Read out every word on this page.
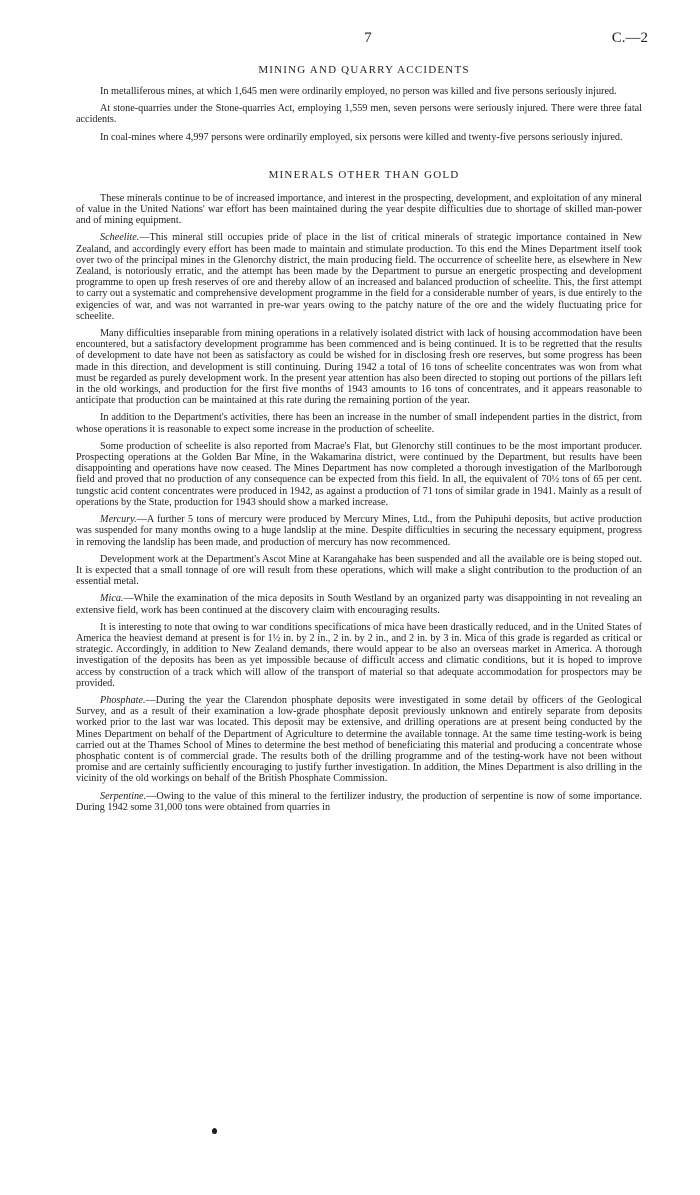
7	C.—2
MINING AND QUARRY ACCIDENTS

In metalliferous mines, at which 1,645 men were ordinarily employed, no person was killed and five persons seriously injured.

At stone-quarries under the Stone-quarries Act, employing 1,559 men, seven persons were seriously injured. There were three fatal accidents.

In coal-mines where 4,997 persons were ordinarily employed, six persons were killed and twenty-five persons seriously injured.

MINERALS OTHER THAN GOLD

These minerals continue to be of increased importance, and interest in the prospecting, development, and exploitation of any mineral of value in the United Nations' war effort has been maintained during the year despite difficulties due to shortage of skilled man-power and of mining equipment.

Scheelite.—This mineral still occupies pride of place in the list of critical minerals of strategic importance contained in New Zealand, and accordingly every effort has been made to maintain and stimulate production. To this end the Mines Department itself took over two of the principal mines in the Glenorchy district, the main producing field. The occurrence of scheelite here, as elsewhere in New Zealand, is notoriously erratic, and the attempt has been made by the Department to pursue an energetic prospecting and development programme to open up fresh reserves of ore and thereby allow of an increased and balanced production of scheelite. This, the first attempt to carry out a systematic and comprehensive development programme in the field for a considerable number of years, is due entirely to the exigencies of war, and was not warranted in pre-war years owing to the patchy nature of the ore and the widely fluctuating price for scheelite.

Many difficulties inseparable from mining operations in a relatively isolated district with lack of housing accommodation have been encountered, but a satisfactory development programme has been commenced and is being continued. It is to be regretted that the results of development to date have not been as satisfactory as could be wished for in disclosing fresh ore reserves, but some progress has been made in this direction, and development is still continuing. During 1942 a total of 16 tons of scheelite concentrates was won from what must be regarded as purely development work. In the present year attention has also been directed to stoping out portions of the pillars left in the old workings, and production for the first five months of 1943 amounts to 16 tons of concentrates, and it appears reasonable to anticipate that production can be maintained at this rate during the remaining portion of the year.

In addition to the Department's activities, there has been an increase in the number of small independent parties in the district, from whose operations it is reasonable to expect some increase in the production of scheelite.

Some production of scheelite is also reported from Macrae's Flat, but Glenorchy still continues to be the most important producer. Prospecting operations at the Golden Bar Mine, in the Wakamarina district, were continued by the Department, but results have been disappointing and operations have now ceased. The Mines Department has now completed a thorough investigation of the Marlborough field and proved that no production of any consequence can be expected from this field. In all, the equivalent of 70½ tons of 65 per cent. tungstic acid content concentrates were produced in 1942, as against a production of 71 tons of similar grade in 1941. Mainly as a result of operations by the State, production for 1943 should show a marked increase.

Mercury.—A further 5 tons of mercury were produced by Mercury Mines, Ltd., from the Puhipuhi deposits, but active production was suspended for many months owing to a huge landslip at the mine. Despite difficulties in securing the necessary equipment, progress in removing the landslip has been made, and production of mercury has now recommenced.

Development work at the Department's Ascot Mine at Karangahake has been suspended and all the available ore is being stoped out. It is expected that a small tonnage of ore will result from these operations, which will make a slight contribution to the production of an essential metal.

Mica.—While the examination of the mica deposits in South Westland by an organized party was disappointing in not revealing an extensive field, work has been continued at the discovery claim with encouraging results.

It is interesting to note that owing to war conditions specifications of mica have been drastically reduced, and in the United States of America the heaviest demand at present is for 1½ in. by 2 in., 2 in. by 2 in., and 2 in. by 3 in. Mica of this grade is regarded as critical or strategic. Accordingly, in addition to New Zealand demands, there would appear to be also an overseas market in America. A thorough investigation of the deposits has been as yet impossible because of difficult access and climatic conditions, but it is hoped to improve access by construction of a track which will allow of the transport of material so that adequate accommodation for prospectors may be provided.

Phosphate.—During the year the Clarendon phosphate deposits were investigated in some detail by officers of the Geological Survey, and as a result of their examination a low-grade phosphate deposit previously unknown and entirely separate from deposits worked prior to the last war was located. This deposit may be extensive, and drilling operations are at present being conducted by the Mines Department on behalf of the Department of Agriculture to determine the available tonnage. At the same time testing-work is being carried out at the Thames School of Mines to determine the best method of beneficiating this material and producing a concentrate whose phosphatic content is of commercial grade. The results both of the drilling programme and of the testing-work have not been without promise and are certainly sufficiently encouraging to justify further investigation. In addition, the Mines Department is also drilling in the vicinity of the old workings on behalf of the British Phosphate Commission.

Serpentine.—Owing to the value of this mineral to the fertilizer industry, the production of serpentine is now of some importance. During 1942 some 31,000 tons were obtained from quarries in
